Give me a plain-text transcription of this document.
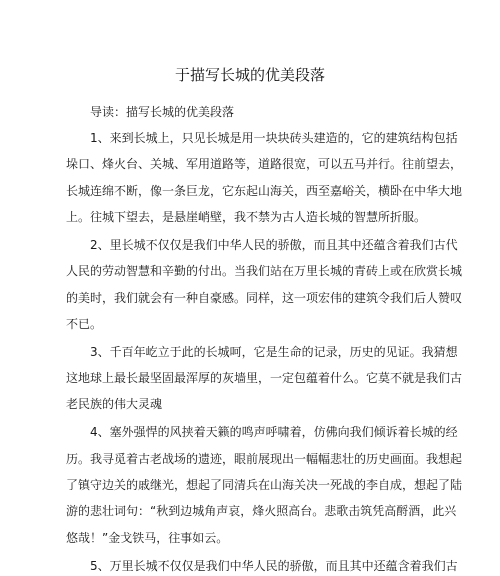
于描写长城的优美段落
导读：描写长城的优美段落
1、来到长城上，只见长城是用一块块砖头建造的，它的建筑结构包括
垛口、烽火台、关城、军用道路等，道路很宽，可以五马并行。往前望去，
长城连绵不断，像一条巨龙，它东起山海关，西至嘉峪关，横卧在中华大地
上。往城下望去，是悬崖峭壁，我不禁为古人造长城的智慧所折服。
2、里长城不仅仅是我们中华人民的骄傲，而且其中还蕴含着我们古代
人民的劳动智慧和辛勤的付出。当我们站在万里长城的青砖上或在欣赏长城
的美时，我们就会有一种自豪感。同样，这一项宏伟的建筑令我们后人赞叹
不已。
3、千百年屹立于此的长城呵，它是生命的记录，历史的见证。我猜想
这地球上最长最坚固最浑厚的灰墙里，一定包蕴着什么。它莫不就是我们古
老民族的伟大灵魂
4、塞外强悍的风挟着天籁的鸣声呼啸着，仿佛向我们倾诉着长城的经
历。我寻觅着古老战场的遗迹，眼前展现出一幅幅悲壮的历史画面。我想起
了镇守边关的戚继光，想起了同清兵在山海关决一死战的李自成，想起了陆
游的悲壮词句：“秋到边城角声哀，烽火照高台。悲歌击筑凭高酹酒，此兴
悠哉！”金戈铁马，往事如云。
5、万里长城不仅仅是我们中华人民的骄傲，而且其中还蕴含着我们古
